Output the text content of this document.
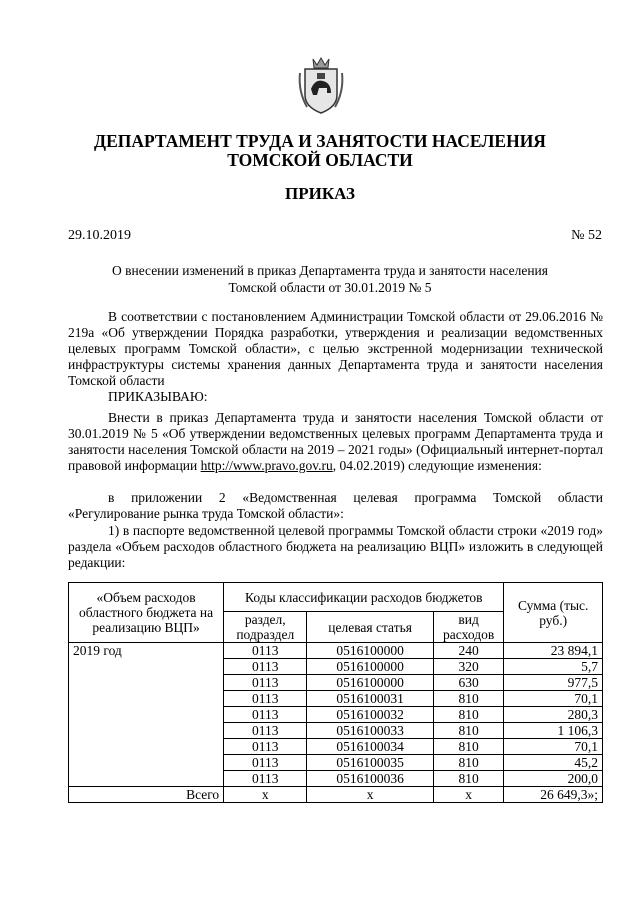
ДЕПАРТАМЕНТ ТРУДА И ЗАНЯТОСТИ НАСЕЛЕНИЯ
ТОМСКОЙ ОБЛАСТИ
ПРИКАЗ
29.10.2019	№ 52
О внесении изменений в приказ Департамента труда и занятости населения
Томской области от 30.01.2019 № 5

В соответствии с постановлением Администрации Томской области от 29.06.2016 № 219а «Об утверждении Порядка разработки, утверждения и реализации ведомственных целевых программ Томской области», с целью экстренной модернизации технической инфраструктуры системы хранения данных Департамента труда и занятости населения Томской области

ПРИКАЗЫВАЮ:

Внести в приказ Департамента труда и занятости населения Томской области от 30.01.2019 № 5 «Об утверждении ведомственных целевых программ Департамента труда и занятости населения Томской области на 2019 – 2021 годы» (Официальный интернет-портал правовой информации http://www.pravo.gov.ru, 04.02.2019) следующие изменения:

в приложении 2 «Ведомственная целевая программа Томской области «Регулирование рынка труда Томской области»:

1) в паспорте ведомственной целевой программы Томской области строки «2019 год» раздела «Объем расходов областного бюджета на реализацию ВЦП» изложить в следующей редакции:

«Объем расходов областного бюджета на реализацию ВЦП»	Коды классификации расходов бюджетов			Сумма (тыс. руб.)
	раздел, подраздел	целевая статья	вид расходов	
2019 год	0113	0516100000	240	23 894,1
	0113	0516100000	320	5,7
	0113	0516100000	630	977,5
	0113	0516100031	810	70,1
	0113	0516100032	810	280,3
	0113	0516100033	810	1 106,3
	0113	0516100034	810	70,1
	0113	0516100035	810	45,2
	0113	0516100036	810	200,0
Всего	х	х	х	26 649,3»;
